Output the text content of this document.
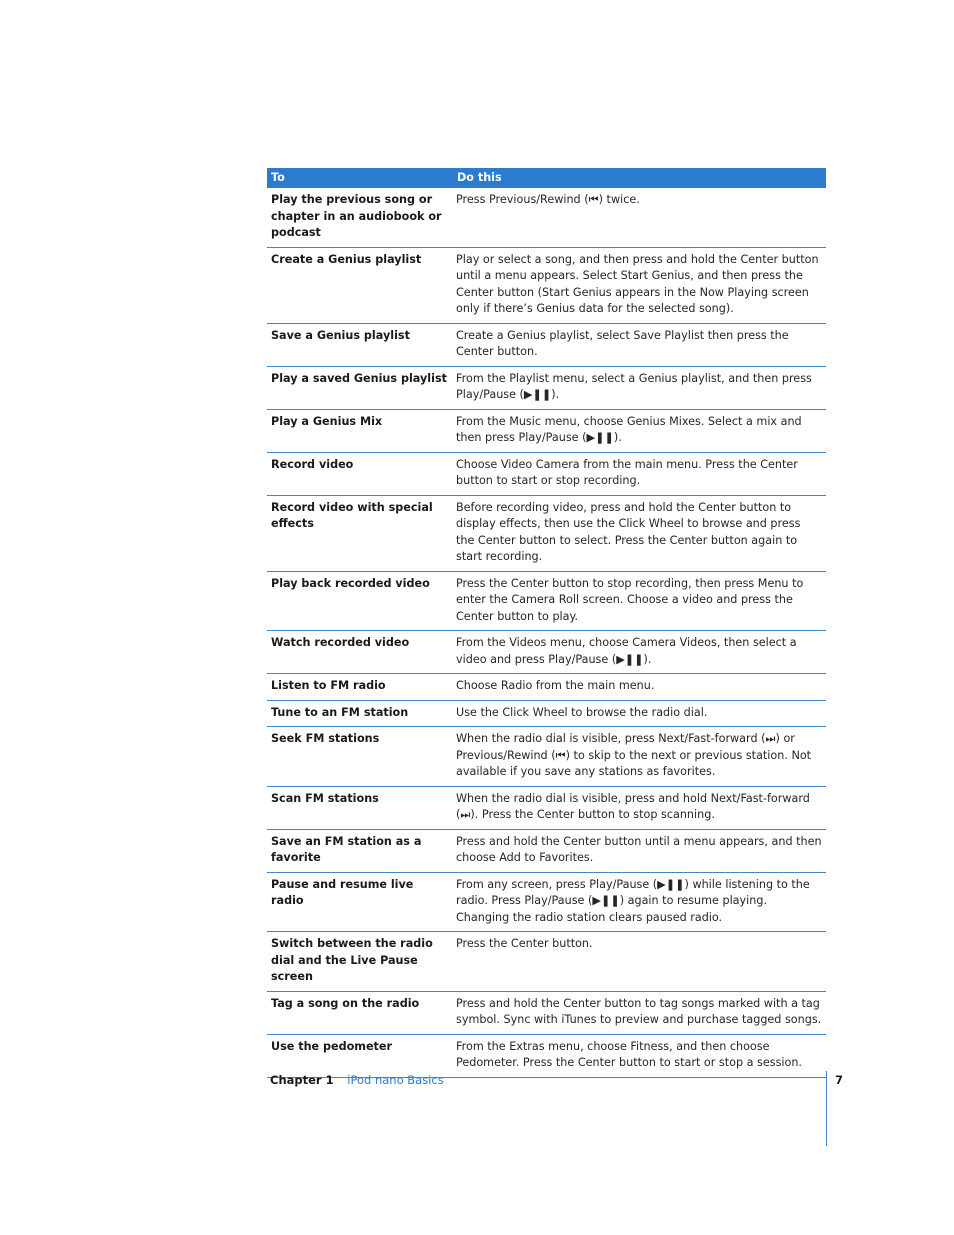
To	Do this
Play the previous song or chapter in an audiobook or podcast	Press Previous/Rewind (⏮) twice.
Create a Genius playlist	Play or select a song, and then press and hold the Center button until a menu appears. Select Start Genius, and then press the Center button (Start Genius appears in the Now Playing screen only if there’s Genius data for the selected song).
Save a Genius playlist	Create a Genius playlist, select Save Playlist then press the Center button.
Play a saved Genius playlist	From the Playlist menu, select a Genius playlist, and then press Play/Pause (▶︎❚❚).
Play a Genius Mix	From the Music menu, choose Genius Mixes. Select a mix and then press Play/Pause (▶︎❚❚).
Record video	Choose Video Camera from the main menu. Press the Center button to start or stop recording.
Record video with special effects	Before recording video, press and hold the Center button to display effects, then use the Click Wheel to browse and press the Center button to select. Press the Center button again to start recording.
Play back recorded video	Press the Center button to stop recording, then press Menu to enter the Camera Roll screen. Choose a video and press the Center button to play.
Watch recorded video	From the Videos menu, choose Camera Videos, then select a video and press Play/Pause (▶︎❚❚).
Listen to FM radio	Choose Radio from the main menu.
Tune to an FM station	Use the Click Wheel to browse the radio dial.
Seek FM stations	When the radio dial is visible, press Next/Fast-forward (⏭) or Previous/Rewind (⏮) to skip to the next or previous station. Not available if you save any stations as favorites.
Scan FM stations	When the radio dial is visible, press and hold Next/Fast-forward (⏭). Press the Center button to stop scanning.
Save an FM station as a favorite	Press and hold the Center button until a menu appears, and then choose Add to Favorites.
Pause and resume live radio	From any screen, press Play/Pause (▶︎❚❚) while listening to the radio. Press Play/Pause (▶︎❚❚) again to resume playing. Changing the radio station clears paused radio.
Switch between the radio dial and the Live Pause screen	Press the Center button.
Tag a song on the radio	Press and hold the Center button to tag songs marked with a tag symbol. Sync with iTunes to preview and purchase tagged songs.
Use the pedometer	From the Extras menu, choose Fitness, and then choose Pedometer. Press the Center button to start or stop a session.
Chapter 1 iPod nano Basics	7
